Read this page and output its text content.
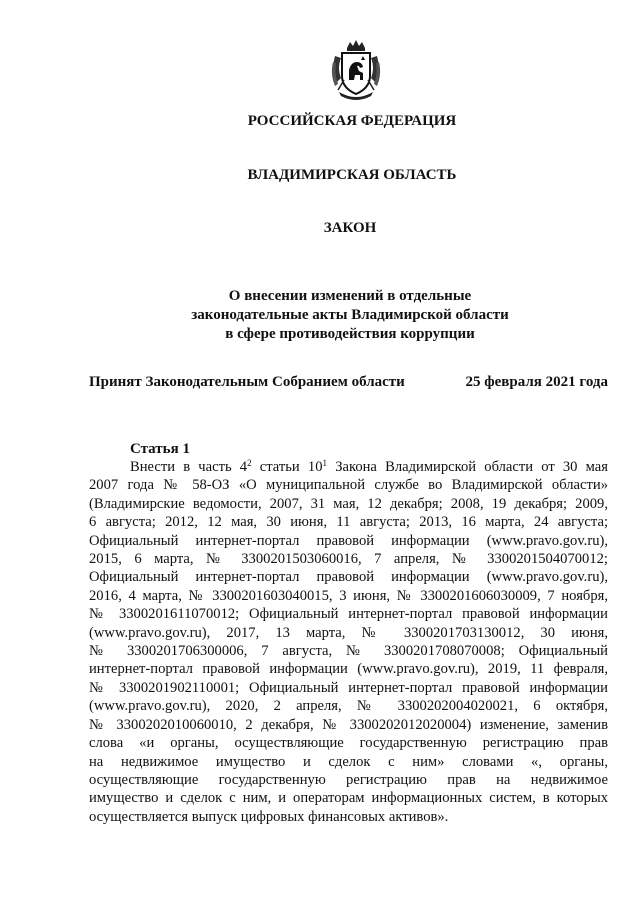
РОССИЙСКАЯ ФЕДЕРАЦИЯ
ВЛАДИМИРСКАЯ ОБЛАСТЬ
ЗАКОН
О внесении изменений в отдельные
законодательные акты Владимирской области
в сфере противодействия коррупции
Принят Законодательным Собранием области	25 февраля 2021 года
Статья 1
Внести в часть $4^2$ статьи $10^1$ Закона Владимирской области от 30 мая
2007 года № 58-ОЗ «О муниципальной службе во Владимирской области»
(Владимирские ведомости, 2007, 31 мая, 12 декабря; 2008, 19 декабря; 2009,
6 августа; 2012, 12 мая, 30 июня, 11 августа; 2013, 16 марта, 24 августа;
Официальный интернет-портал правовой информации (www.pravo.gov.ru),
2015, 6 марта, № 3300201503060016, 7 апреля, № 3300201504070012;
Официальный интернет-портал правовой информации (www.pravo.gov.ru),
2016, 4 марта, № 3300201603040015, 3 июня, № 3300201606030009, 7 ноября,
№ 3300201611070012; Официальный интернет-портал правовой информации
(www.pravo.gov.ru), 2017, 13 марта, № 3300201703130012, 30 июня,
№ 3300201706300006, 7 августа, № 3300201708070008; Официальный
интернет-портал правовой информации (www.pravo.gov.ru), 2019, 11 февраля,
№ 3300201902110001; Официальный интернет-портал правовой информации
(www.pravo.gov.ru), 2020, 2 апреля, № 3300202004020021, 6 октября,
№ 3300202010060010, 2 декабря, № 3300202012020004) изменение, заменив
слова «и органы, осуществляющие государственную регистрацию прав
на недвижимое имущество и сделок с ним» словами «, органы,
осуществляющие государственную регистрацию прав на недвижимое
имущество и сделок с ним, и операторам информационных систем, в которых
осуществляется выпуск цифровых финансовых активов».
